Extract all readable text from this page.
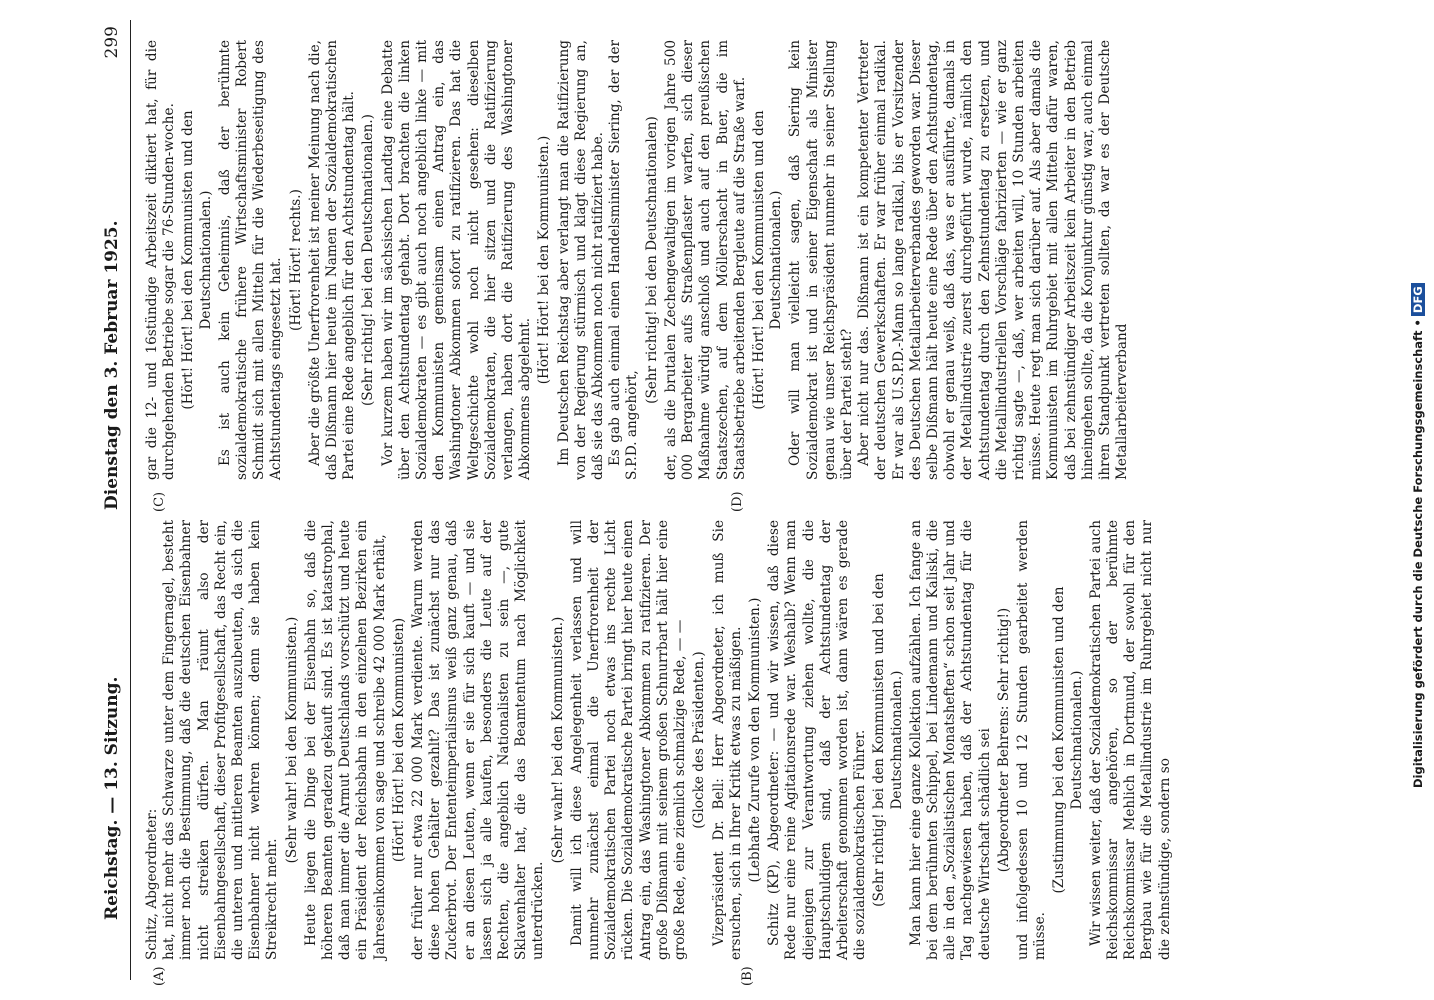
Reichstag. — 13. Sitzung.
Dienstag den 3. Februar 1925.
299
(A)	(B)
(C)	(D)

Schitz, Abgeordneter: hat, nicht mehr das Schwarze unter dem Fingernagel, besteht immer noch die Bestimmung, daß die deutschen Eisenbahner nicht streiken dürfen. Man räumt also der Eisenbahngesellschaft, dieser Profitgesellschaft, das Recht ein, die unteren und mittleren Beamten auszubeuten, da sich die Eisenbahner nicht wehren können; denn sie haben kein Streikrecht mehr.

(Sehr wahr! bei den Kommunisten.) Heute liegen die Dinge bei der Eisenbahn so, daß die höheren Beamten geradezu gekauft sind. Es ist katastrophal, daß man immer die Armut Deutschlands vorschützt und heute ein Präsident der Reichsbahn in den einzelnen Bezirken ein Jahreseinkommen von sage und schreibe 42 000 Mark erhält, (Hört! Hört! bei den Kommunisten) der früher nur etwa 22 000 Mark verdiente. Warum werden diese hohen Gehälter gezahlt? Das ist zunächst nur das Zuckerbrot. Der Ententeimperialismus weiß ganz genau, daß er an diesen Leuten, wenn er sie für sich kauft — und sie lassen sich ja alle kaufen, besonders die Leute auf der Rechten, die angeblich Nationalisten zu sein —, gute Sklavenhalter hat, die das Beamtentum nach Möglichkeit unterdrücken.

(Sehr wahr! bei den Kommunisten.) Damit will ich diese Angelegenheit verlassen und will nunmehr zunächst einmal die Unerfrorenheit der Sozialdemokratischen Partei noch etwas ins rechte Licht rücken. Die Sozialdemokratische Partei bringt hier heute einen Antrag ein, das Washingtoner Abkommen zu ratifizieren. Der große Dißmann mit seinem großen Schnurrbart hält hier eine große Rede, eine ziemlich schmalzige Rede, — — (Glocke des Präsidenten.) Vizepräsident Dr. Bell: Herr Abgeordneter, ich muß Sie ersuchen, sich in Ihrer Kritik etwas zu mäßigen. (Lebhafte Zurufe von den Kommunisten.) Schitz (KP), Abgeordneter: — und wir wissen, daß diese Rede nur eine reine Agitationsrede war. Weshalb? Wenn man diejenigen zur Verantwortung ziehen wollte, die die Hauptschuldigen sind, daß der Achtstundentag der Arbeiterschaft genommen worden ist, dann wären es gerade die sozialdemokratischen Führer. (Sehr richtig! bei den Kommunisten und bei den Deutschnationalen.) Man kann hier eine ganze Kollektion aufzählen. Ich fange an bei dem berühmten Schippel, bei Lindemann und Kaliski, die alle in den „Sozialistischen Monatsheften“ schon seit Jahr und Tag nachgewiesen haben, daß der Achtstundentag für die deutsche Wirtschaft schädlich sei (Abgeordneter Behrens: Sehr richtig!) und infolgedessen 10 und 12 Stunden gearbeitet werden müsse.

(Zustimmung bei den Kommunisten und den Deutschnationalen.) Wir wissen weiter, daß der Sozialdemokratischen Partei auch Reichskommissar angehören, so der berühmte Reichskommissar Mehlich in Dortmund, der sowohl für den Bergbau wie für die Metallindustrie im Ruhrgebiet nicht nur die zehnstündige, sondern so

gar die 12- und 16stündige Arbeitszeit diktiert hat, für die durchgehenden Betriebe sogar die 76-Stunden-woche. (Hört! Hört! bei den Kommunisten und den Deutschnationalen.) Es ist auch kein Geheimnis, daß der berühmte sozialdemokratische frühere Wirtschaftsminister Robert Schmidt sich mit allen Mitteln für die Wiederbeseitigung des Achtstundentags eingesetzt hat. (Hört! Hört! rechts.) Aber die größte Unerfrorenheit ist meiner Meinung nach die, daß Dißmann hier heute im Namen der Sozialdemokratischen Partei eine Rede angeblich für den Achtstundentag hält. (Sehr richtig! bei den Deutschnationalen.) Vor kurzem haben wir im sächsischen Landtag eine Debatte über den Achtstundentag gehabt. Dort brachten die linken Sozialdemokraten — es gibt auch noch angeblich linke — mit den Kommunisten gemeinsam einen Antrag ein, das Washingtoner Abkommen sofort zu ratifizieren. Das hat die Weltgeschichte wohl noch nicht gesehen: dieselben Sozialdemokraten, die hier sitzen und die Ratifizierung verlangen, haben dort die Ratifizierung des Washingtoner Abkommens abgelehnt.

(Hört! Hört! bei den Kommunisten.) Im Deutschen Reichstag aber verlangt man die Ratifizierung von der Regierung stürmisch und klagt diese Regierung an, daß sie das Abkommen noch nicht ratifiziert habe. Es gab auch einmal einen Handelsminister Siering, der der S.P.D. angehört,

(Sehr richtig! bei den Deutschnationalen) der, als die brutalen Zechengewaltigen im vorigen Jahre 500 000 Bergarbeiter aufs Straßenpflaster warfen, sich dieser Maßnahme würdig anschloß und auch auf den preußischen Staatszechen, auf dem Möllerschacht in Buer, die im Staatsbetriebe arbeitenden Bergleute auf die Straße warf. (Hört! Hört! bei den Kommunisten und den Deutschnationalen.) Oder will man vielleicht sagen, daß Siering kein Sozialdemokrat ist und in seiner Eigenschaft als Minister genau wie unser Reichspräsident nunmehr in seiner Stellung über der Partei steht? Aber nicht nur das. Dißmann ist ein kompetenter Vertreter der deutschen Gewerkschaften. Er war früher einmal radikal. Er war als U.S.P.D.-Mann so lange radikal, bis er Vorsitzender des Deutschen Metallarbeiterverbandes geworden war. Dieser selbe Dißmann hält heute eine Rede über den Achtstundentag, obwohl er genau weiß, daß das, was er ausführte, damals in der Metallindustrie zuerst durchgeführt wurde, nämlich den Achtstundentag durch den Zehnstundentag zu ersetzen, und die Metallindustriellen Vorschläge fabrizierten — wie er ganz richtig sagte —, daß, wer arbeiten will, 10 Stunden arbeiten müsse. Heute regt man sich darüber auf. Als aber damals die Kommunisten im Ruhrgebiet mit allen Mitteln dafür waren, daß bei zehnstündiger Arbeitszeit kein Arbeiter in den Betrieb hineingehen sollte, da die Konjunktur günstig war, auch einmal ihren Standpunkt vertreten sollten, da war es der Deutsche Metallarbeiterverband	Digitalisierung gefördert durch die Deutsche Forschungsgemeinschaft •DFG
